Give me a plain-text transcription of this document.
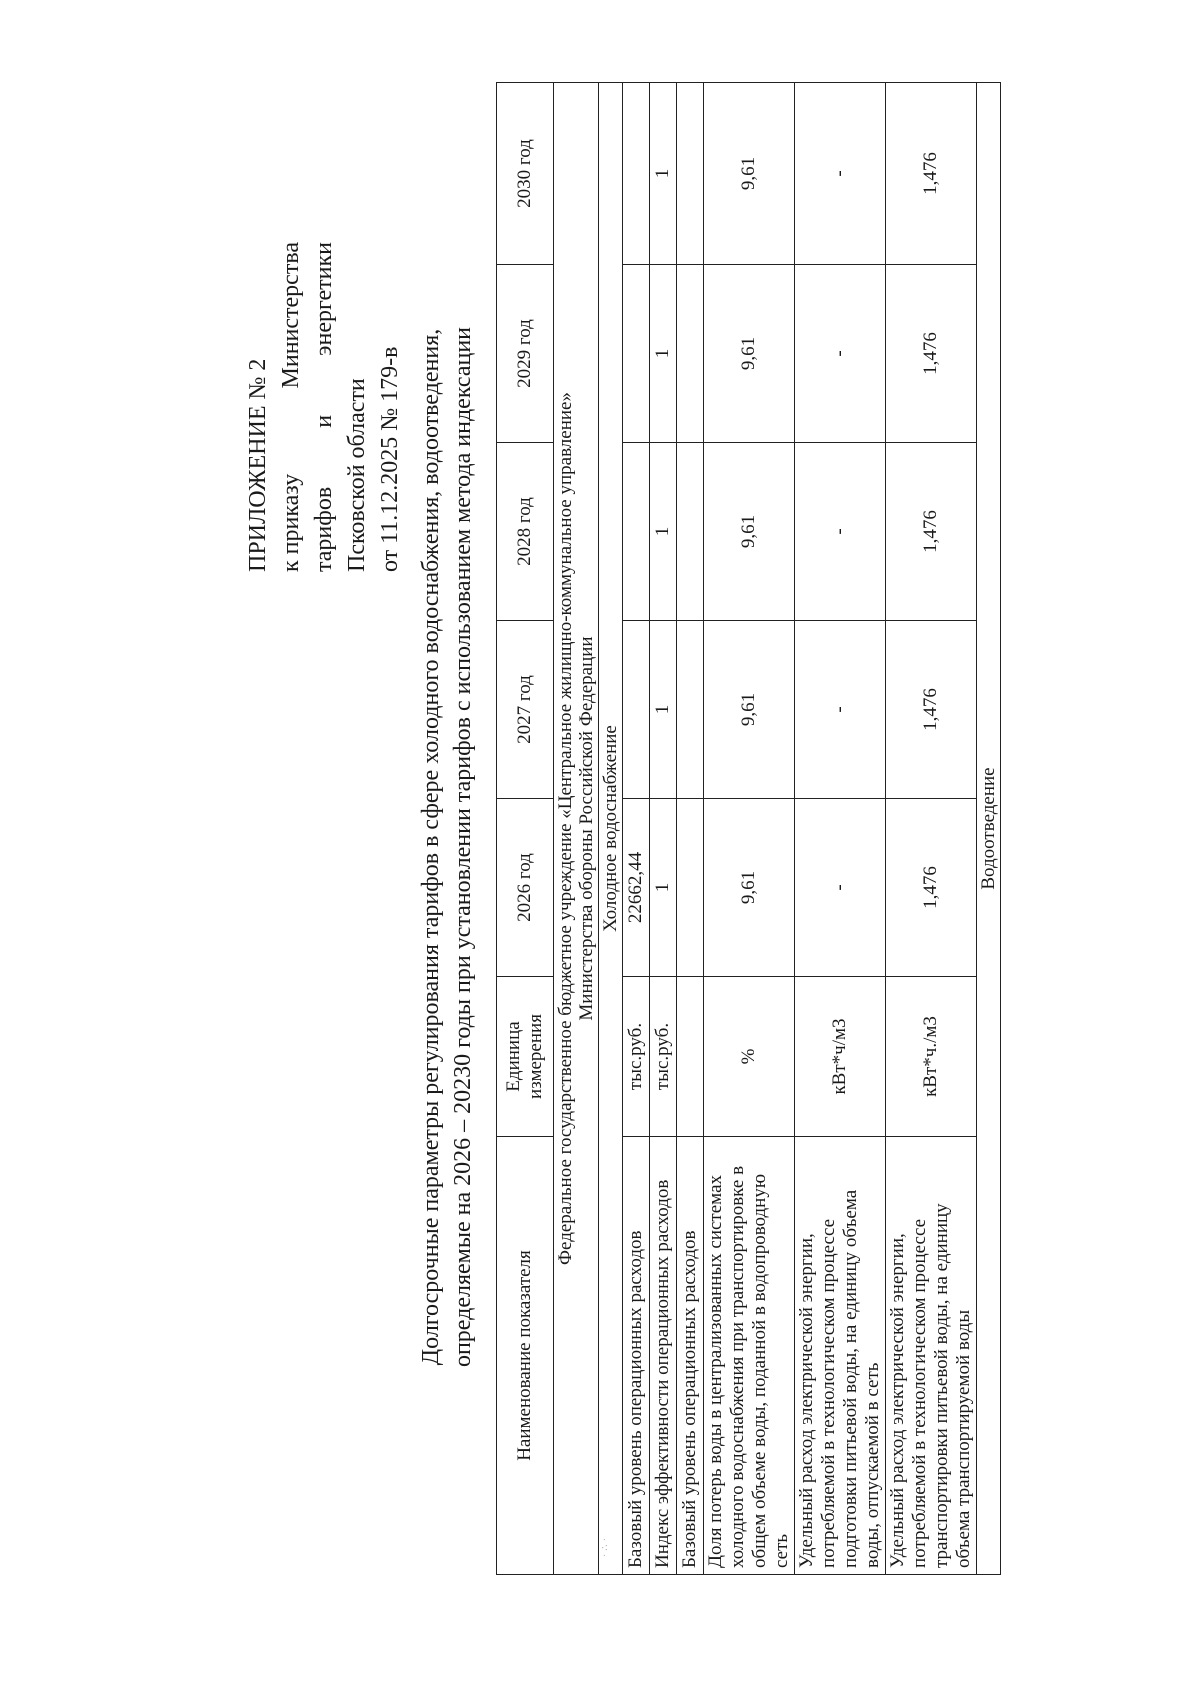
ПРИЛОЖЕНИЕ № 2 к приказу
Министерства
тарифов
и
энергетики
Псковской области от 11.12.2025 № 179-в Долгосрочные параметры регулирования тарифов в сфере холодного водоснабжения, водоотведения, определяемые на 2026 – 20230 годы при установлении тарифов с использованием метода индексации Наименование показателя	Единица измерения	2026 год	2027 год	2028 год	2029 год	2030 год

Федеральное государственное бюджетное учреждение «Центральное жилищно-коммунальное управление» Министерства обороны Российской Федерации						

Холодное водоснабжение						
Базовый уровень операционных расходов	тыс.руб.	22662,44				
Индекс эффективности операционных расходов	тыс.руб.	1	1	1	1	1
Базовый уровень операционных расходов						
Доля потерь воды в централизованных системах холодного водоснабжения при транспортировке в общем объеме воды, поданной в водопроводную сеть	%	9,61	9,61	9,61	9,61	9,61
Удельный расход электрической энергии, потребляемой в технологическом процессе подготовки питьевой воды, на единицу объема воды, отпускаемой в сеть	кВт*ч/м3	-	-	-	-	-
Удельный расход электрической энергии, потребляемой в технологическом процессе транспортировки питьевой воды, на единицу объема транспортируемой воды	кВт*ч./м3	1,476	1,476	1,476	1,476	1,476
Водоотведение						
· ∴ ·
